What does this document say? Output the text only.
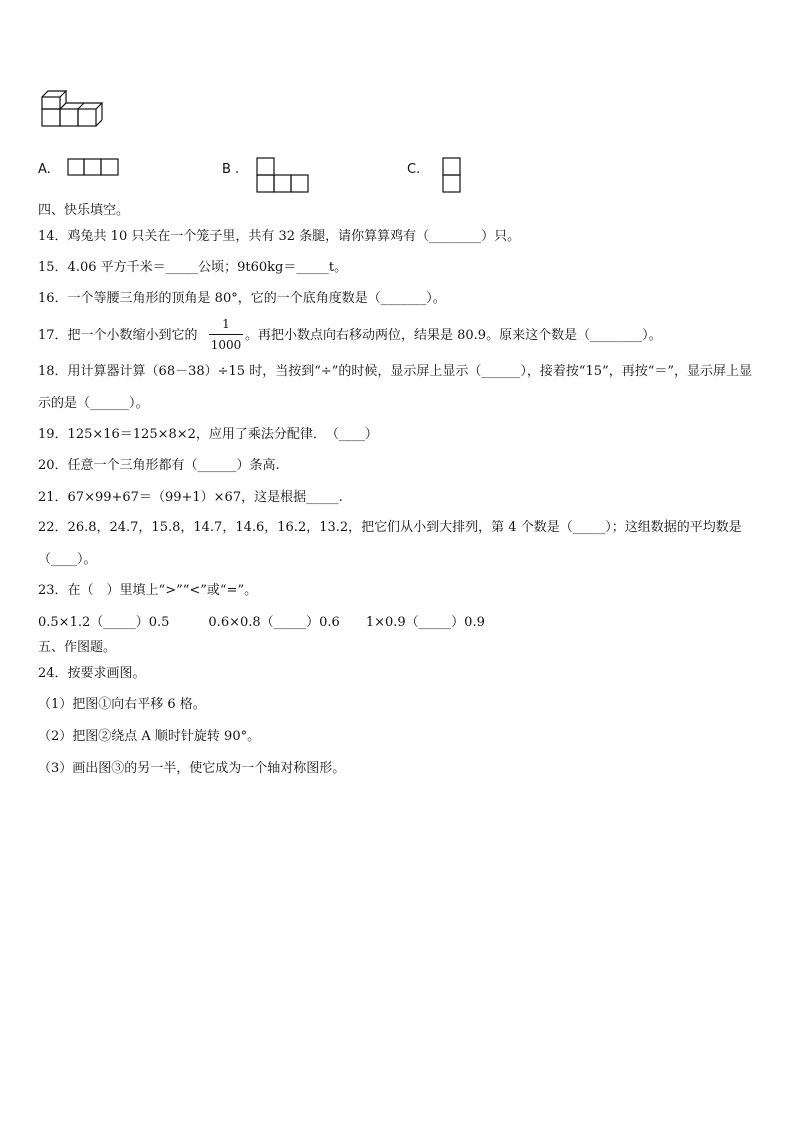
A.	B .	C.
四、快乐填空。
14．鸡兔共 10 只关在一个笼子里，共有 32 条腿，请你算算鸡有（________）只。
15．4.06 平方千米＝_____公顷；9t60kg＝_____t。
16．一个等腰三角形的顶角是 80°，它的一个底角度数是（_______）。
17．把一个小数缩小到它的
1
1000
。再把小数点向右移动两位，结果是 80.9。原来这个数是（________）。
18．用计算器计算（68－38）÷15 时，当按到“÷”的时候，显示屏上显示（______），接着按“15”，再按“＝”，显示屏上显示的是（______）。
19．125×16＝125×8×2，应用了乘法分配律．　（____）
20．任意一个三角形都有（______）条高.
21．67×99+67＝（99+1）×67，这是根据_____.
22．26.8，24.7，15.8，14.7，14.6，16.2，13.2，把它们从小到大排列，第 4 个数是（_____）；这组数据的平均数是（____）。
23．在（　）里填上“>”“<”或“=”。
0.5×1.2（_____）0.5　　　0.6×0.8（_____）0.6　　1×0.9（_____）0.9
五、作图题。
24．按要求画图。
（1）把图①向右平移 6 格。
（2）把图②绕点 A 顺时针旋转 90°。
（3）画出图③的另一半，使它成为一个轴对称图形。
